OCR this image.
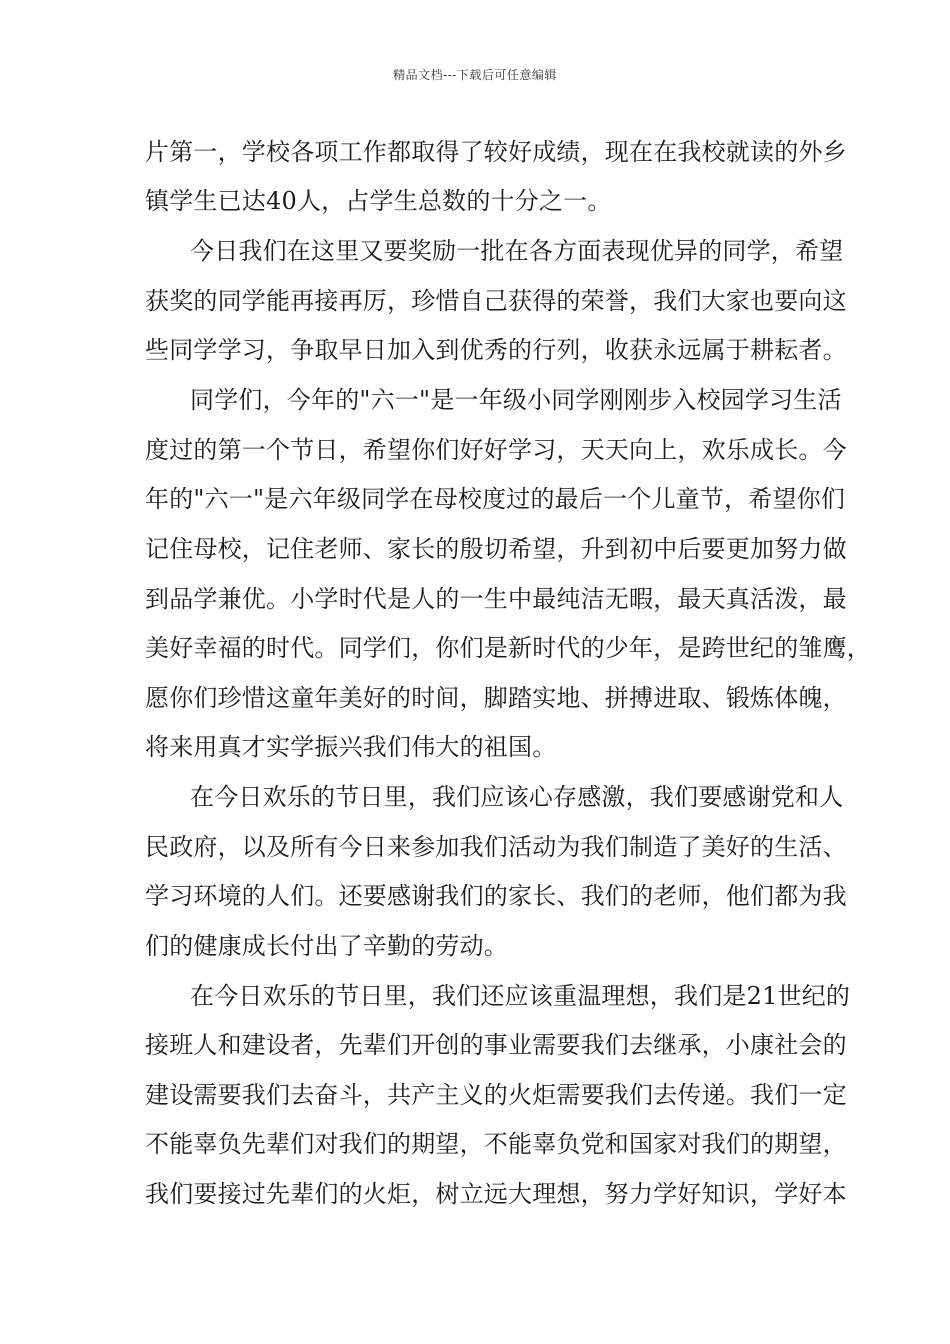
精品文档---下载后可任意编辑
片第一，学校各项工作都取得了较好成绩，现在在我校就读的外乡
镇学生已达40人，占学生总数的十分之一。
今日我们在这里又要奖励一批在各方面表现优异的同学，希望
获奖的同学能再接再厉，珍惜自己获得的荣誉，我们大家也要向这
些同学学习，争取早日加入到优秀的行列，收获永远属于耕耘者。
同学们，今年的"六一"是一年级小同学刚刚步入校园学习生活
度过的第一个节日，希望你们好好学习，天天向上，欢乐成长。今
年的"六一"是六年级同学在母校度过的最后一个儿童节，希望你们
记住母校，记住老师、家长的殷切希望，升到初中后要更加努力做
到品学兼优。小学时代是人的一生中最纯洁无暇，最天真活泼，最
美好幸福的时代。同学们，你们是新时代的少年，是跨世纪的雏鹰，
愿你们珍惜这童年美好的时间，脚踏实地、拼搏进取、锻炼体魄，
将来用真才实学振兴我们伟大的祖国。
在今日欢乐的节日里，我们应该心存感激，我们要感谢党和人
民政府，以及所有今日来参加我们活动为我们制造了美好的生活、
学习环境的人们。还要感谢我们的家长、我们的老师，他们都为我
们的健康成长付出了辛勤的劳动。
在今日欢乐的节日里，我们还应该重温理想，我们是21世纪的
接班人和建设者，先辈们开创的事业需要我们去继承，小康社会的
建设需要我们去奋斗，共产主义的火炬需要我们去传递。我们一定
不能辜负先辈们对我们的期望，不能辜负党和国家对我们的期望，
我们要接过先辈们的火炬，树立远大理想，努力学好知识，学好本
